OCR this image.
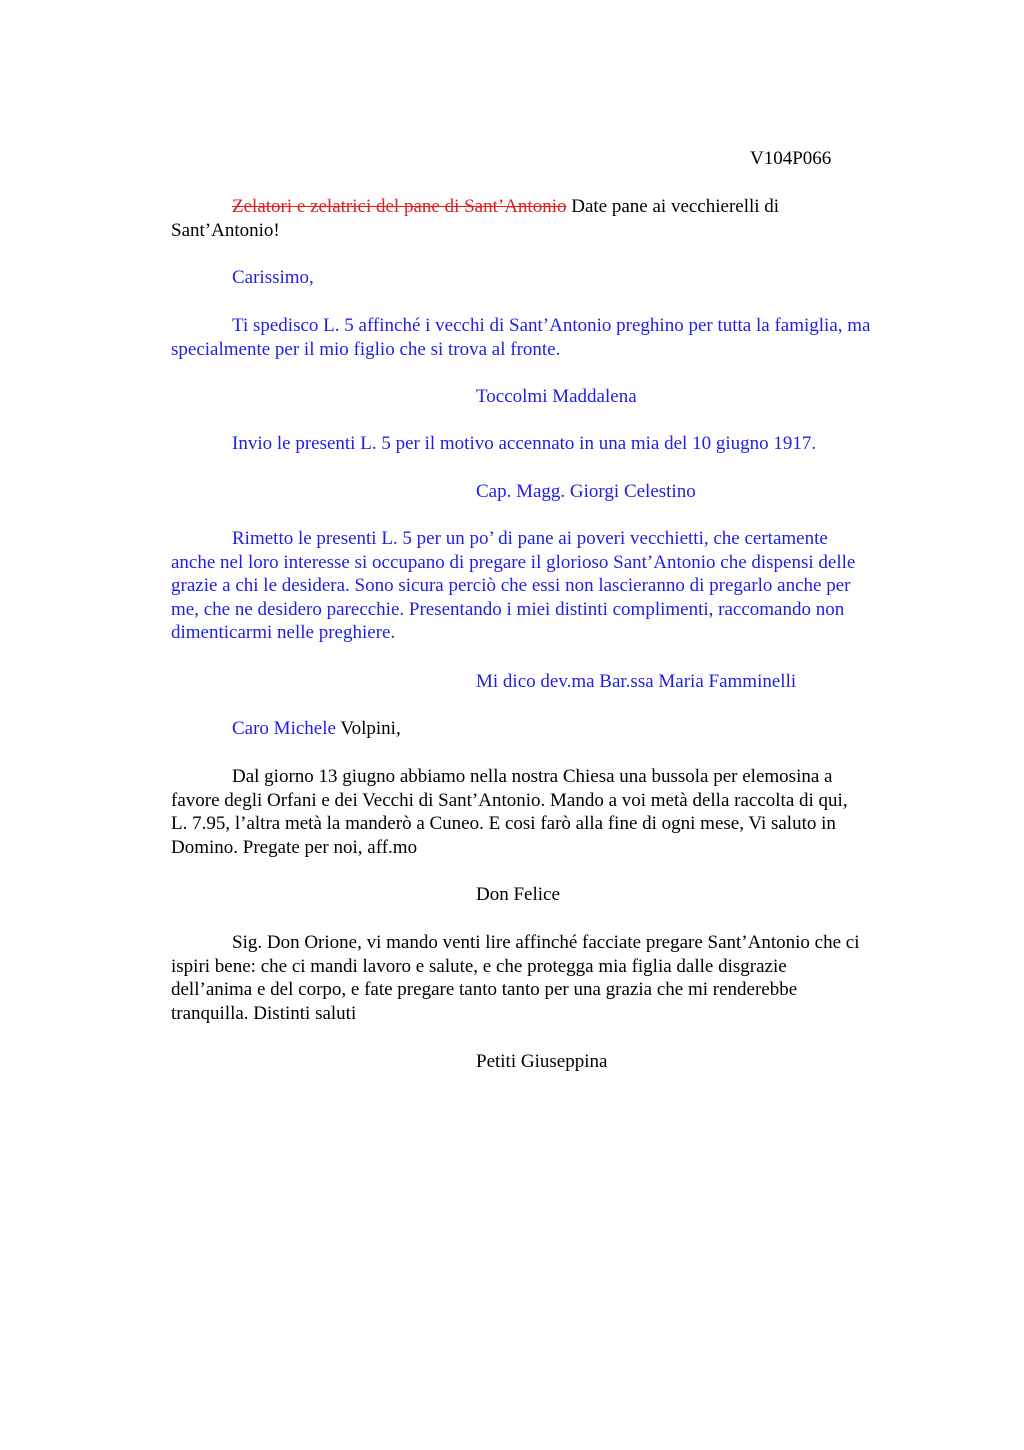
V104P066

Zelatori e zelatrici del pane di Sant’Antonio Date pane ai vecchierelli di
Sant’Antonio!

Carissimo,

Ti spedisco L. 5 affinché i vecchi di Sant’Antonio preghino per tutta la famiglia, ma
specialmente per il mio figlio che si trova al fronte.

Toccolmi Maddalena

Invio le presenti L. 5 per il motivo accennato in una mia del 10 giugno 1917.

Cap. Magg. Giorgi Celestino

Rimetto le presenti L. 5 per un po’ di pane ai poveri vecchietti, che certamente
anche nel loro interesse si occupano di pregare il glorioso Sant’Antonio che dispensi delle
grazie a chi le desidera. Sono sicura perciò che essi non lascieranno di pregarlo anche per
me, che ne desidero parecchie. Presentando i miei distinti complimenti, raccomando non
dimenticarmi nelle preghiere.

Mi dico dev.ma Bar.ssa Maria Famminelli

Caro Michele Volpini,

Dal giorno 13 giugno abbiamo nella nostra Chiesa una bussola per elemosina a
favore degli Orfani e dei Vecchi di Sant’Antonio. Mando a voi metà della raccolta di qui,
L. 7.95, l’altra metà la manderò a Cuneo. E cosi farò alla fine di ogni mese, Vi saluto in
Domino. Pregate per noi, aff.mo

Don Felice

Sig. Don Orione, vi mando venti lire affinché facciate pregare Sant’Antonio che ci
ispiri bene: che ci mandi lavoro e salute, e che protegga mia figlia dalle disgrazie
dell’anima e del corpo, e fate pregare tanto tanto per una grazia che mi renderebbe
tranquilla. Distinti saluti

Petiti Giuseppina
